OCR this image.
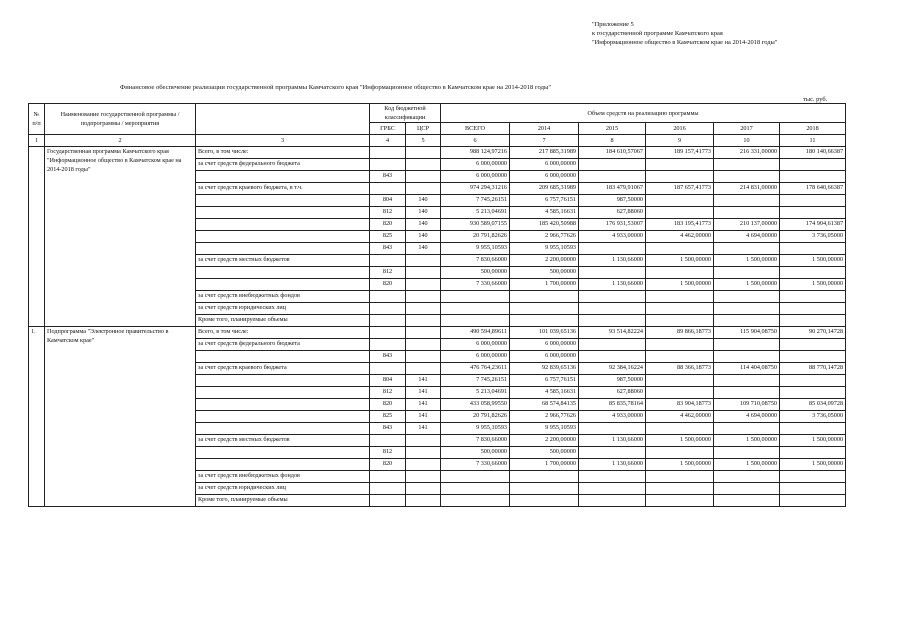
"Приложение 5
к государственной программе Камчатского края
"Информационное общество в Камчатском крае на 2014-2018 годы"
Финансовое обеспечение реализации государственной программы Камчатского края "Информационное общество в Камчатском крае на 2014-2018 годы"
тыс. руб.
№ п/п	Наименование государственной программы / подпрограммы / мероприятия		Код бюджетной классификации		Объем средств на реализацию программы					
			ГРБС	ЦСР	ВСЕГО	2014	2015	2016	2017	2018
1	2	3	4	5	6	7	8	9	10	11
	Государственная программа Камчатского края "Информационное общество в Камчатском крае на 2014-2018 годы"	Всего, в том числе:			988 124,97216	217 885,31989	184 610,57067	189 157,41773	216 331,00000	180 140,66387
		за счет средств федерального бюджета			6 000,00000	6 000,00000				
			843		6 000,00000	6 000,00000				
		за счет средств краевого бюджета, в т.ч.			974 294,31216	209 685,31989	183 479,91067	187 657,41773	214 831,00000	178 640,66387
			804	140	7 745,26151	6 757,76151	987,50000			
			812	140	5 213,04691	4 585,16631	627,88060			
			820	140	930 589,07155	185 420,50988	176 931,53007	183 195,41773	210 137,00000	174 904,61387
			825	140	20 791,82626	2 966,77626	4 933,00000	4 462,00000	4 694,00000	3 736,05000
			843	140	9 955,10593	9 955,10593				
		за счет средств местных бюджетов			7 830,66000	2 200,00000	1 130,66000	1 500,00000	1 500,00000	1 500,00000
			812		500,00000	500,00000				
			820		7 330,66000	1 700,00000	1 130,66000	1 500,00000	1 500,00000	1 500,00000
		за счет средств внебюджетных фондов								
		за счет средств юридических лиц								
		Кроме того, планируемые объемы								
1.	Подпрограмма "Электронное правительство в Камчатском крае"	Всего, в том числе:			490 594,89611	101 039,65136	93 514,82224	89 866,18773	115 904,08750	90 270,14728
		за счет средств федерального бюджета			6 000,00000	6 000,00000				
			843		6 000,00000	6 000,00000				
		за счет средств краевого бюджета			476 764,23611	92 839,65136	92 384,16224	88 366,18773	114 404,08750	88 770,14728
			804	141	7 745,26151	6 757,76151	987,50000			
			812	141	5 213,04691	4 585,16631	627,88060			
			820	141	433 058,99550	68 574,84135	85 835,78164	83 904,18773	109 710,08750	85 034,09728
			825	141	20 791,82626	2 966,77626	4 933,00000	4 462,00000	4 694,00000	3 736,05000
			843	141	9 955,10593	9 955,10593				
		за счет средств местных бюджетов			7 830,66000	2 200,00000	1 130,66000	1 500,00000	1 500,00000	1 500,00000
			812		500,00000	500,00000				
			820		7 330,66000	1 700,00000	1 130,66000	1 500,00000	1 500,00000	1 500,00000
		за счет средств внебюджетных фондов								
		за счет средств юридических лиц								
		Кроме того, планируемые объемы								
